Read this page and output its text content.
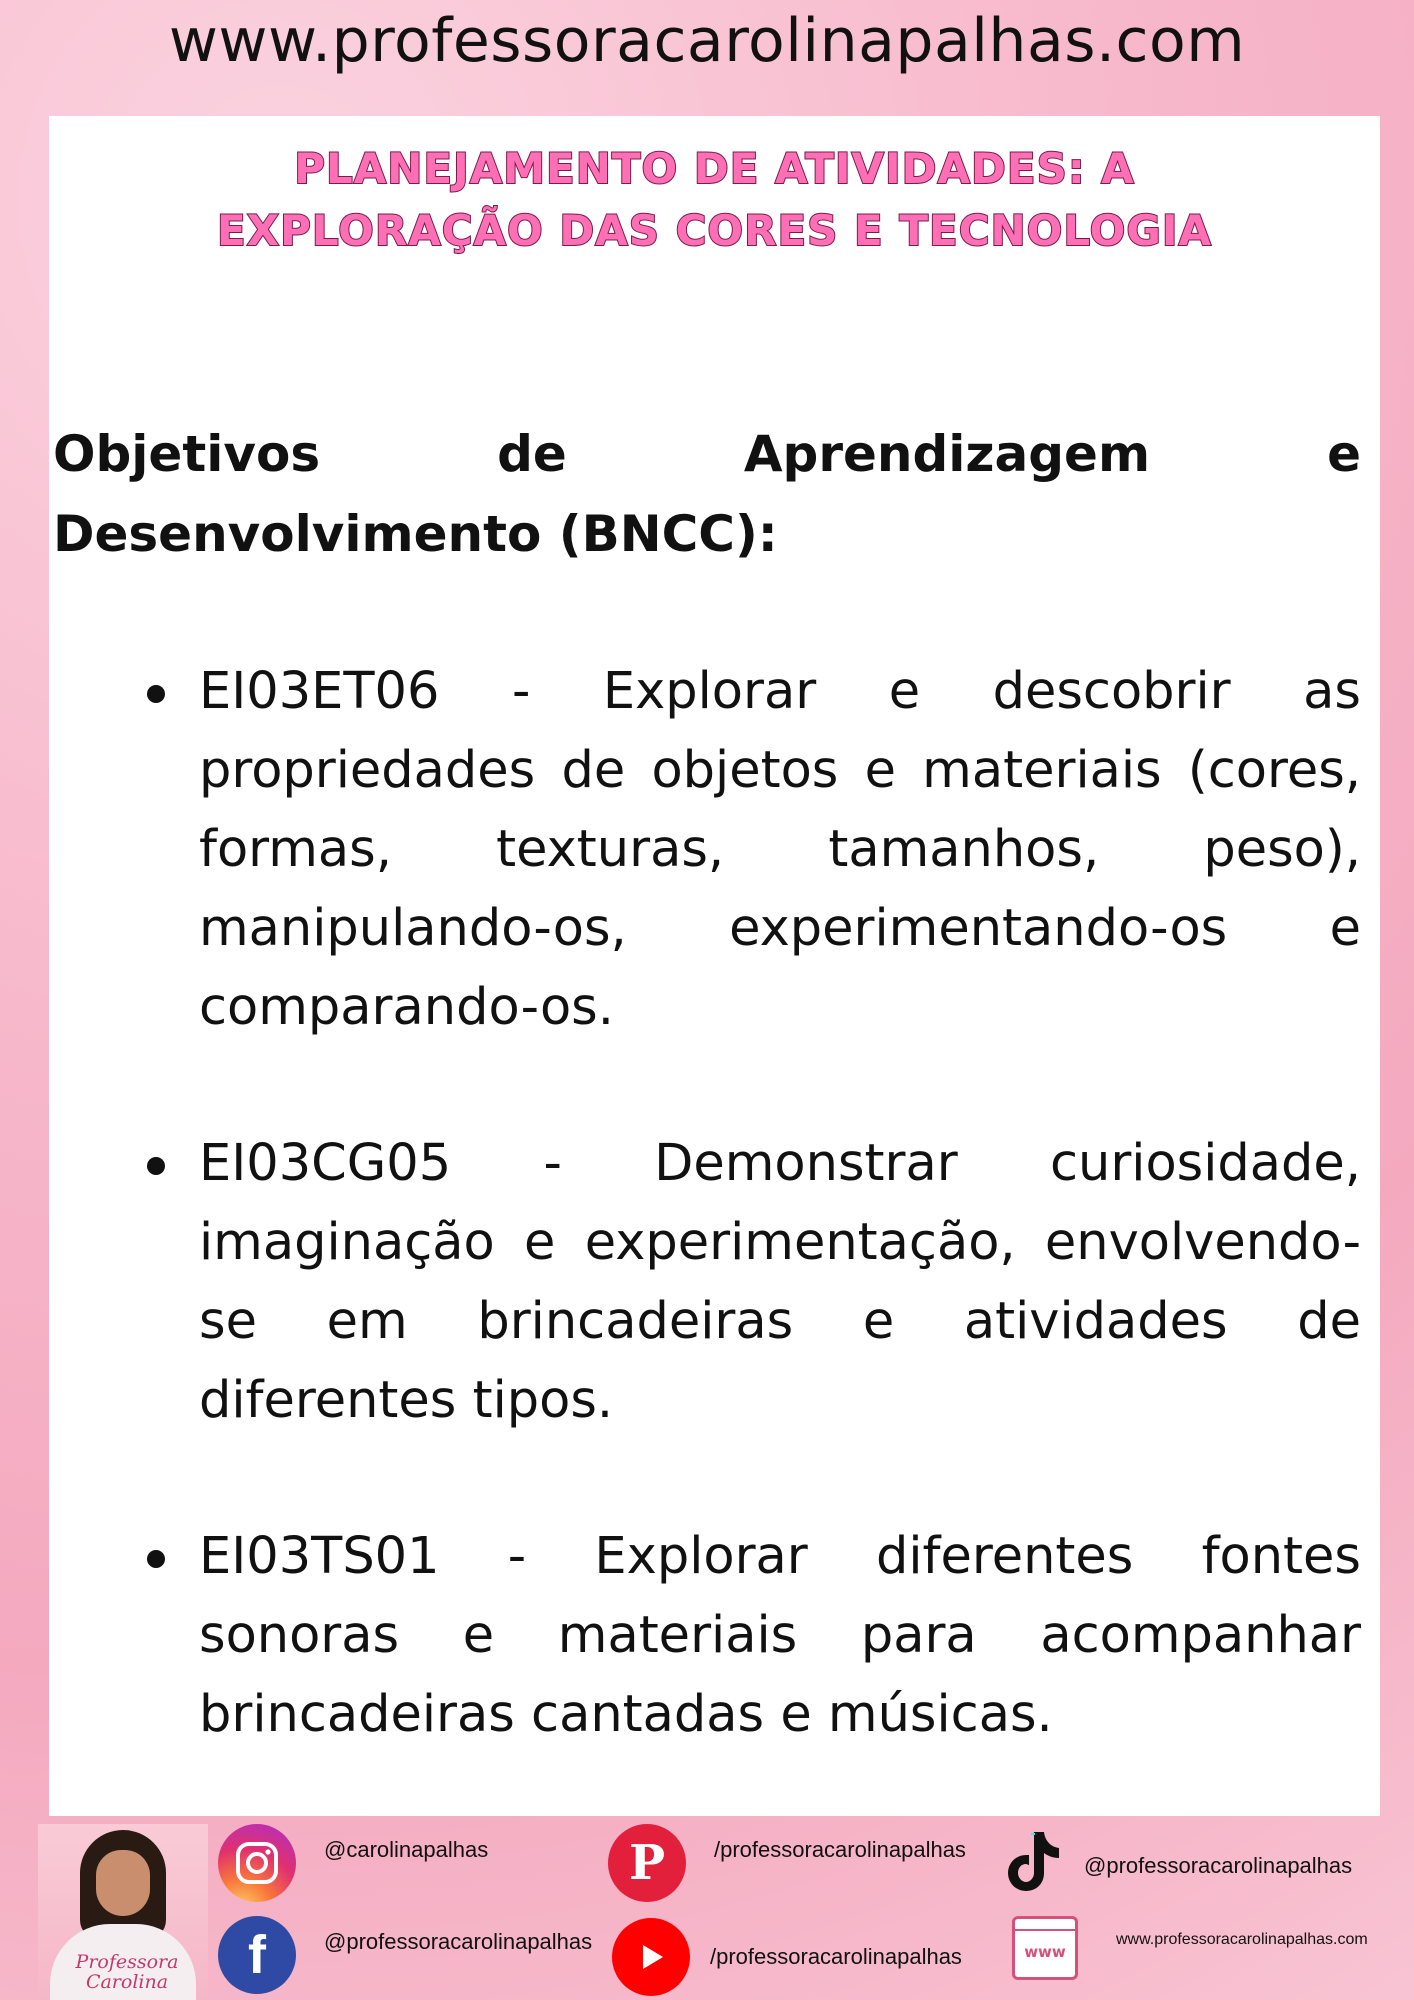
www.professoracarolinapalhas.com
PLANEJAMENTO DE ATIVIDADES: A
EXPLORAÇÃO DAS CORES E TECNOLOGIA
Objetivos de Aprendizagem e Desenvolvimento (BNCC):
EI03ET06 - Explorar e descobrir as propriedades de objetos e materiais (cores, formas, texturas, tamanhos, peso), manipulando-os, experimentando-os e comparando-os.
EI03CG05 - Demonstrar curiosidade, imaginação e experimentação, envolvendo-se em brincadeiras e atividades de diferentes tipos.
EI03TS01 - Explorar diferentes fontes sonoras e materiais para acompanhar brincadeiras cantadas e músicas.
Professora
Carolina
@carolinapalhas	P	/professoracarolinapalhas
@professoracarolinapalhas
f	@professoracarolinapalhas
/professoracarolinapalhas	www
www.professoracarolinapalhas.com
